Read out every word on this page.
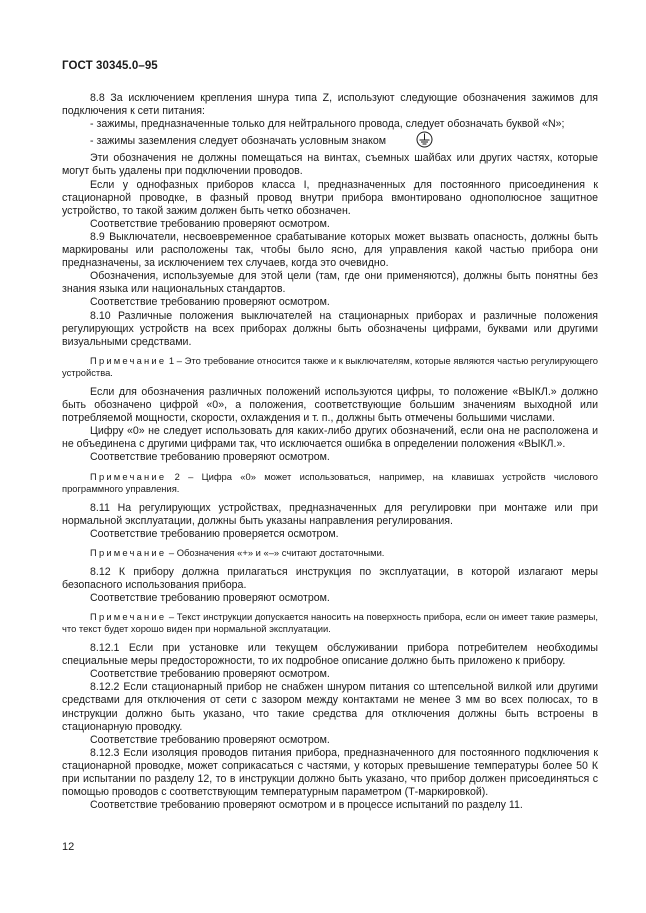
ГОСТ 30345.0–95

8.8 За исключением крепления шнура типа Z, используют следующие обозначения зажимов для подключения к сети питания:

- зажимы, предназначенные только для нейтрального провода, следует обозначать буквой «N»;

- зажимы заземления следует обозначать условным знаком

Эти обозначения не должны помещаться на винтах, съемных шайбах или других частях, которые могут быть удалены при подключении проводов.

Если у однофазных приборов класса I, предназначенных для постоянного присоединения к стационарной проводке, в фазный провод внутри прибора вмонтировано однополюсное защитное устройство, то такой зажим должен быть четко обозначен.

Соответствие требованию проверяют осмотром.

8.9 Выключатели, несвоевременное срабатывание которых может вызвать опасность, должны быть маркированы или расположены так, чтобы было ясно, для управления какой частью прибора они предназначены, за исключением тех случаев, когда это очевидно.

Обозначения, используемые для этой цели (там, где они применяются), должны быть понятны без знания языка или национальных стандартов.

Соответствие требованию проверяют осмотром.

8.10 Различные положения выключателей на стационарных приборах и различные положения регулирующих устройств на всех приборах должны быть обозначены цифрами, буквами или другими визуальными средствами.

Примечание 1 – Это требование относится также и к выключателям, которые являются частью регулирующего устройства.

Если для обозначения различных положений используются цифры, то положение «ВЫКЛ.» должно быть обозначено цифрой «0», а положения, соответствующие большим значениям выходной или потребляемой мощности, скорости, охлаждения и т. п., должны быть отмечены большими числами.

Цифру «0» не следует использовать для каких-либо других обозначений, если она не расположена и не объединена с другими цифрами так, что исключается ошибка в определении положения «ВЫКЛ.».

Соответствие требованию проверяют осмотром.

Примечание 2 – Цифра «0» может использоваться, например, на клавишах устройств числового программного управления.

8.11 На регулирующих устройствах, предназначенных для регулировки при монтаже или при нормальной эксплуатации, должны быть указаны направления регулирования.

Соответствие требованию проверяется осмотром.

Примечание – Обозначения «+» и «–» считают достаточными.

8.12 К прибору должна прилагаться инструкция по эксплуатации, в которой излагают меры безопасного использования прибора.

Соответствие требованию проверяют осмотром.

Примечание – Текст инструкции допускается наносить на поверхность прибора, если он имеет такие размеры, что текст будет хорошо виден при нормальной эксплуатации.

8.12.1 Если при установке или текущем обслуживании прибора потребителем необходимы специальные меры предосторожности, то их подробное описание должно быть приложено к прибору.

Соответствие требованию проверяют осмотром.

8.12.2 Если стационарный прибор не снабжен шнуром питания со штепсельной вилкой или другими средствами для отключения от сети с зазором между контактами не менее 3 мм во всех полюсах, то в инструкции должно быть указано, что такие средства для отключения должны быть встроены в стационарную проводку.

Соответствие требованию проверяют осмотром.

8.12.3 Если изоляция проводов питания прибора, предназначенного для постоянного подключения к стационарной проводке, может соприкасаться с частями, у которых превышение температуры более 50 К при испытании по разделу 12, то в инструкции должно быть указано, что прибор должен присоединяться с помощью проводов с соответствующим температурным параметром (Т-маркировкой).

Соответствие требованию проверяют осмотром и в процессе испытаний по разделу 11.

12
